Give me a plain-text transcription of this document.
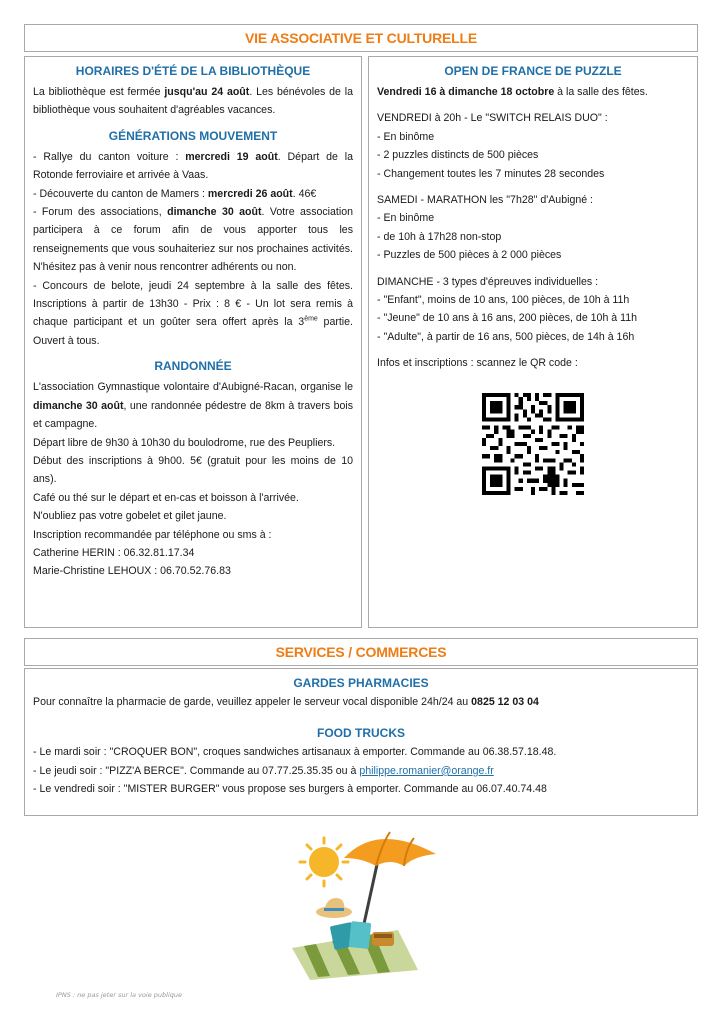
VIE ASSOCIATIVE ET CULTURELLE
HORAIRES D'ÉTÉ DE LA BIBLIOTHÈQUE

La bibliothèque est fermée jusqu'au 24 août. Les bénévoles de la bibliothèque vous souhaitent d'agréables vacances.

GÉNÉRATIONS MOUVEMENT

- Rallye du canton voiture : mercredi 19 août. Départ de la Rotonde ferroviaire et arrivée à Vaas.

- Découverte du canton de Mamers : mercredi 26 août. 46€

- Forum des associations, dimanche 30 août. Votre association participera à ce forum afin de vous apporter tous les renseignements que vous souhaiteriez sur nos prochaines activités. N'hésitez pas à venir nous rencontrer adhérents ou non.

- Concours de belote, jeudi 24 septembre à la salle des fêtes. Inscriptions à partir de 13h30 - Prix : 8 € - Un lot sera remis à chaque participant et un goûter sera offert après la 3ème partie. Ouvert à tous.

RANDONNÉE

L'association Gymnastique volontaire d'Aubigné-Racan, organise le dimanche 30 août, une randonnée pédestre de 8km à travers bois et campagne.

Départ libre de 9h30 à 10h30 du boulodrome, rue des Peupliers.

Début des inscriptions à 9h00. 5€ (gratuit pour les moins de 10 ans).

Café ou thé sur le départ et en-cas et boisson à l'arrivée.

N'oubliez pas votre gobelet et gilet jaune.

Inscription recommandée par téléphone ou sms à :

Catherine HERIN : 06.32.81.17.34

Marie-Christine LEHOUX : 06.70.52.76.83

OPEN DE FRANCE DE PUZZLE

Vendredi 16 à dimanche 18 octobre à la salle des fêtes.

VENDREDI à 20h - Le "SWITCH RELAIS DUO" :

- En binôme

- 2 puzzles distincts de 500 pièces

- Changement toutes les 7 minutes 28 secondes

SAMEDI - MARATHON les "7h28" d'Aubigné :

- En binôme

- de 10h à 17h28 non-stop

- Puzzles de 500 pièces à 2 000 pièces

DIMANCHE - 3 types d'épreuves individuelles :

- "Enfant", moins de 10 ans, 100 pièces, de 10h à 11h

- "Jeune" de 10 ans à 16 ans, 200 pièces, de 10h à 11h

- "Adulte", à partir de 16 ans, 500 pièces, de 14h à 16h

Infos et inscriptions : scannez le QR code :

SERVICES / COMMERCES
GARDES PHARMACIES

Pour connaître la pharmacie de garde, veuillez appeler le serveur vocal disponible 24h/24 au 0825 12 03 04

FOOD TRUCKS

- Le mardi soir : "CROQUER BON", croques sandwiches artisanaux à emporter. Commande au 06.38.57.18.48.

- Le jeudi soir : "PIZZ'A BERCE". Commande au 07.77.25.35.35 ou à philippe.romanier@orange.fr

- Le vendredi soir : "MISTER BURGER" vous propose ses burgers à emporter. Commande au 06.07.40.74.48

IPNS : ne pas jeter sur la voie publique
